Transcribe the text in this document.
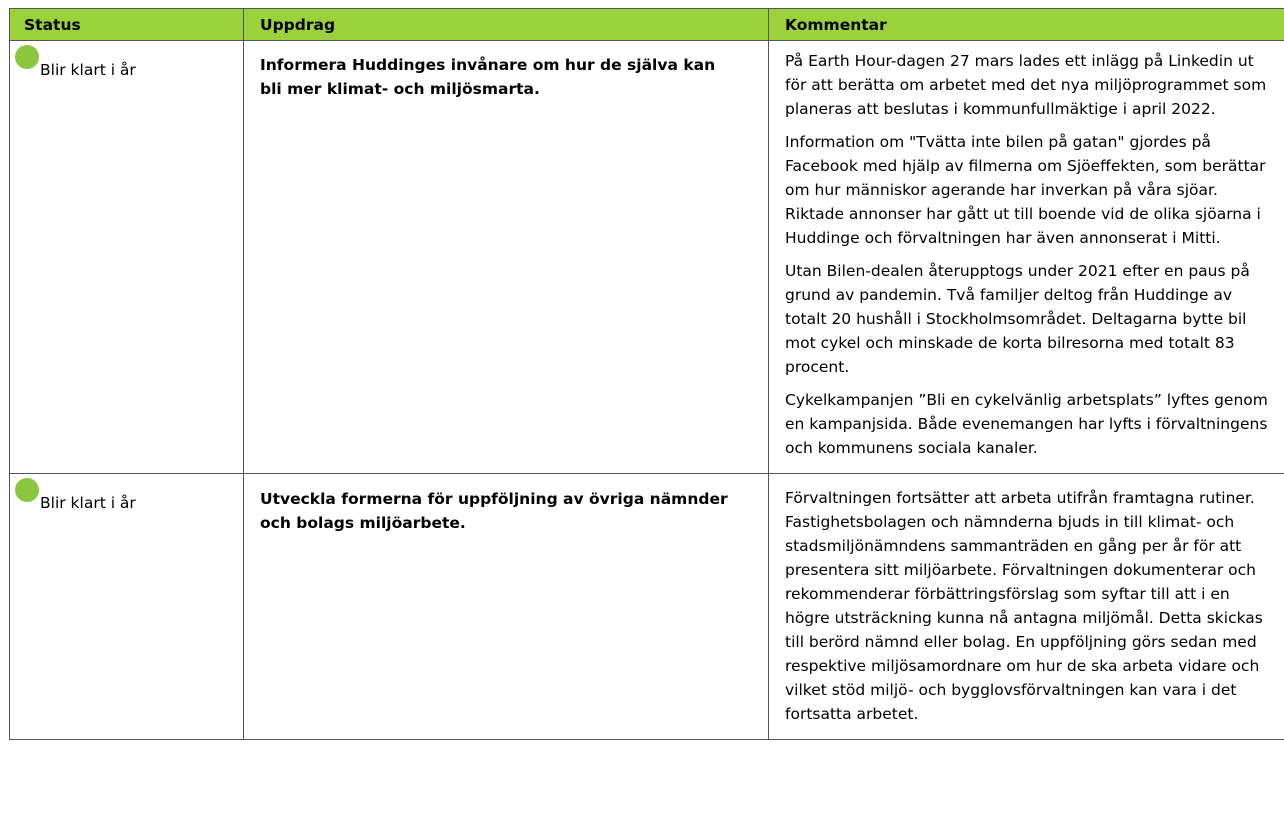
Status	Uppdrag	Kommentar
Blir klart i år	Informera Huddinges invånare om hur de själva kan bli mer klimat- och miljösmarta.	På Earth Hour-dagen 27 mars lades ett inlägg på Linkedin ut för att berätta om arbetet med det nya miljöprogrammet som planeras att beslutas i kommunfullmäktige i april 2022.

Information om "Tvätta inte bilen på gatan" gjordes på Facebook med hjälp av filmerna om Sjöeffekten, som berättar om hur människor agerande har inverkan på våra sjöar. Riktade annonser har gått ut till boende vid de olika sjöarna i Huddinge och förvaltningen har även annonserat i Mitti.

Utan Bilen-dealen återupptogs under 2021 efter en paus på grund av pandemin. Två familjer deltog från Huddinge av totalt 20 hushåll i Stockholmsområdet. Deltagarna bytte bil mot cykel och minskade de korta bilresorna med totalt 83 procent.

Cykelkampanjen ”Bli en cykelvänlig arbetsplats” lyftes genom en kampanjsida. Både evenemangen har lyfts i förvaltningens och kommunens sociala kanaler.

Blir klart i år	Utveckla formerna för uppföljning av övriga nämnder och bolags miljöarbete.	Förvaltningen fortsätter att arbeta utifrån framtagna rutiner. Fastighetsbolagen och nämnderna bjuds in till klimat- och stadsmiljönämndens sammanträden en gång per år för att presentera sitt miljöarbete. Förvaltningen dokumenterar och rekommenderar förbättringsförslag som syftar till att i en högre utsträckning kunna nå antagna miljömål. Detta skickas till berörd nämnd eller bolag. En uppföljning görs sedan med respektive miljösamordnare om hur de ska arbeta vidare och vilket stöd miljö- och bygglovsförvaltningen kan vara i det fortsatta arbetet.
